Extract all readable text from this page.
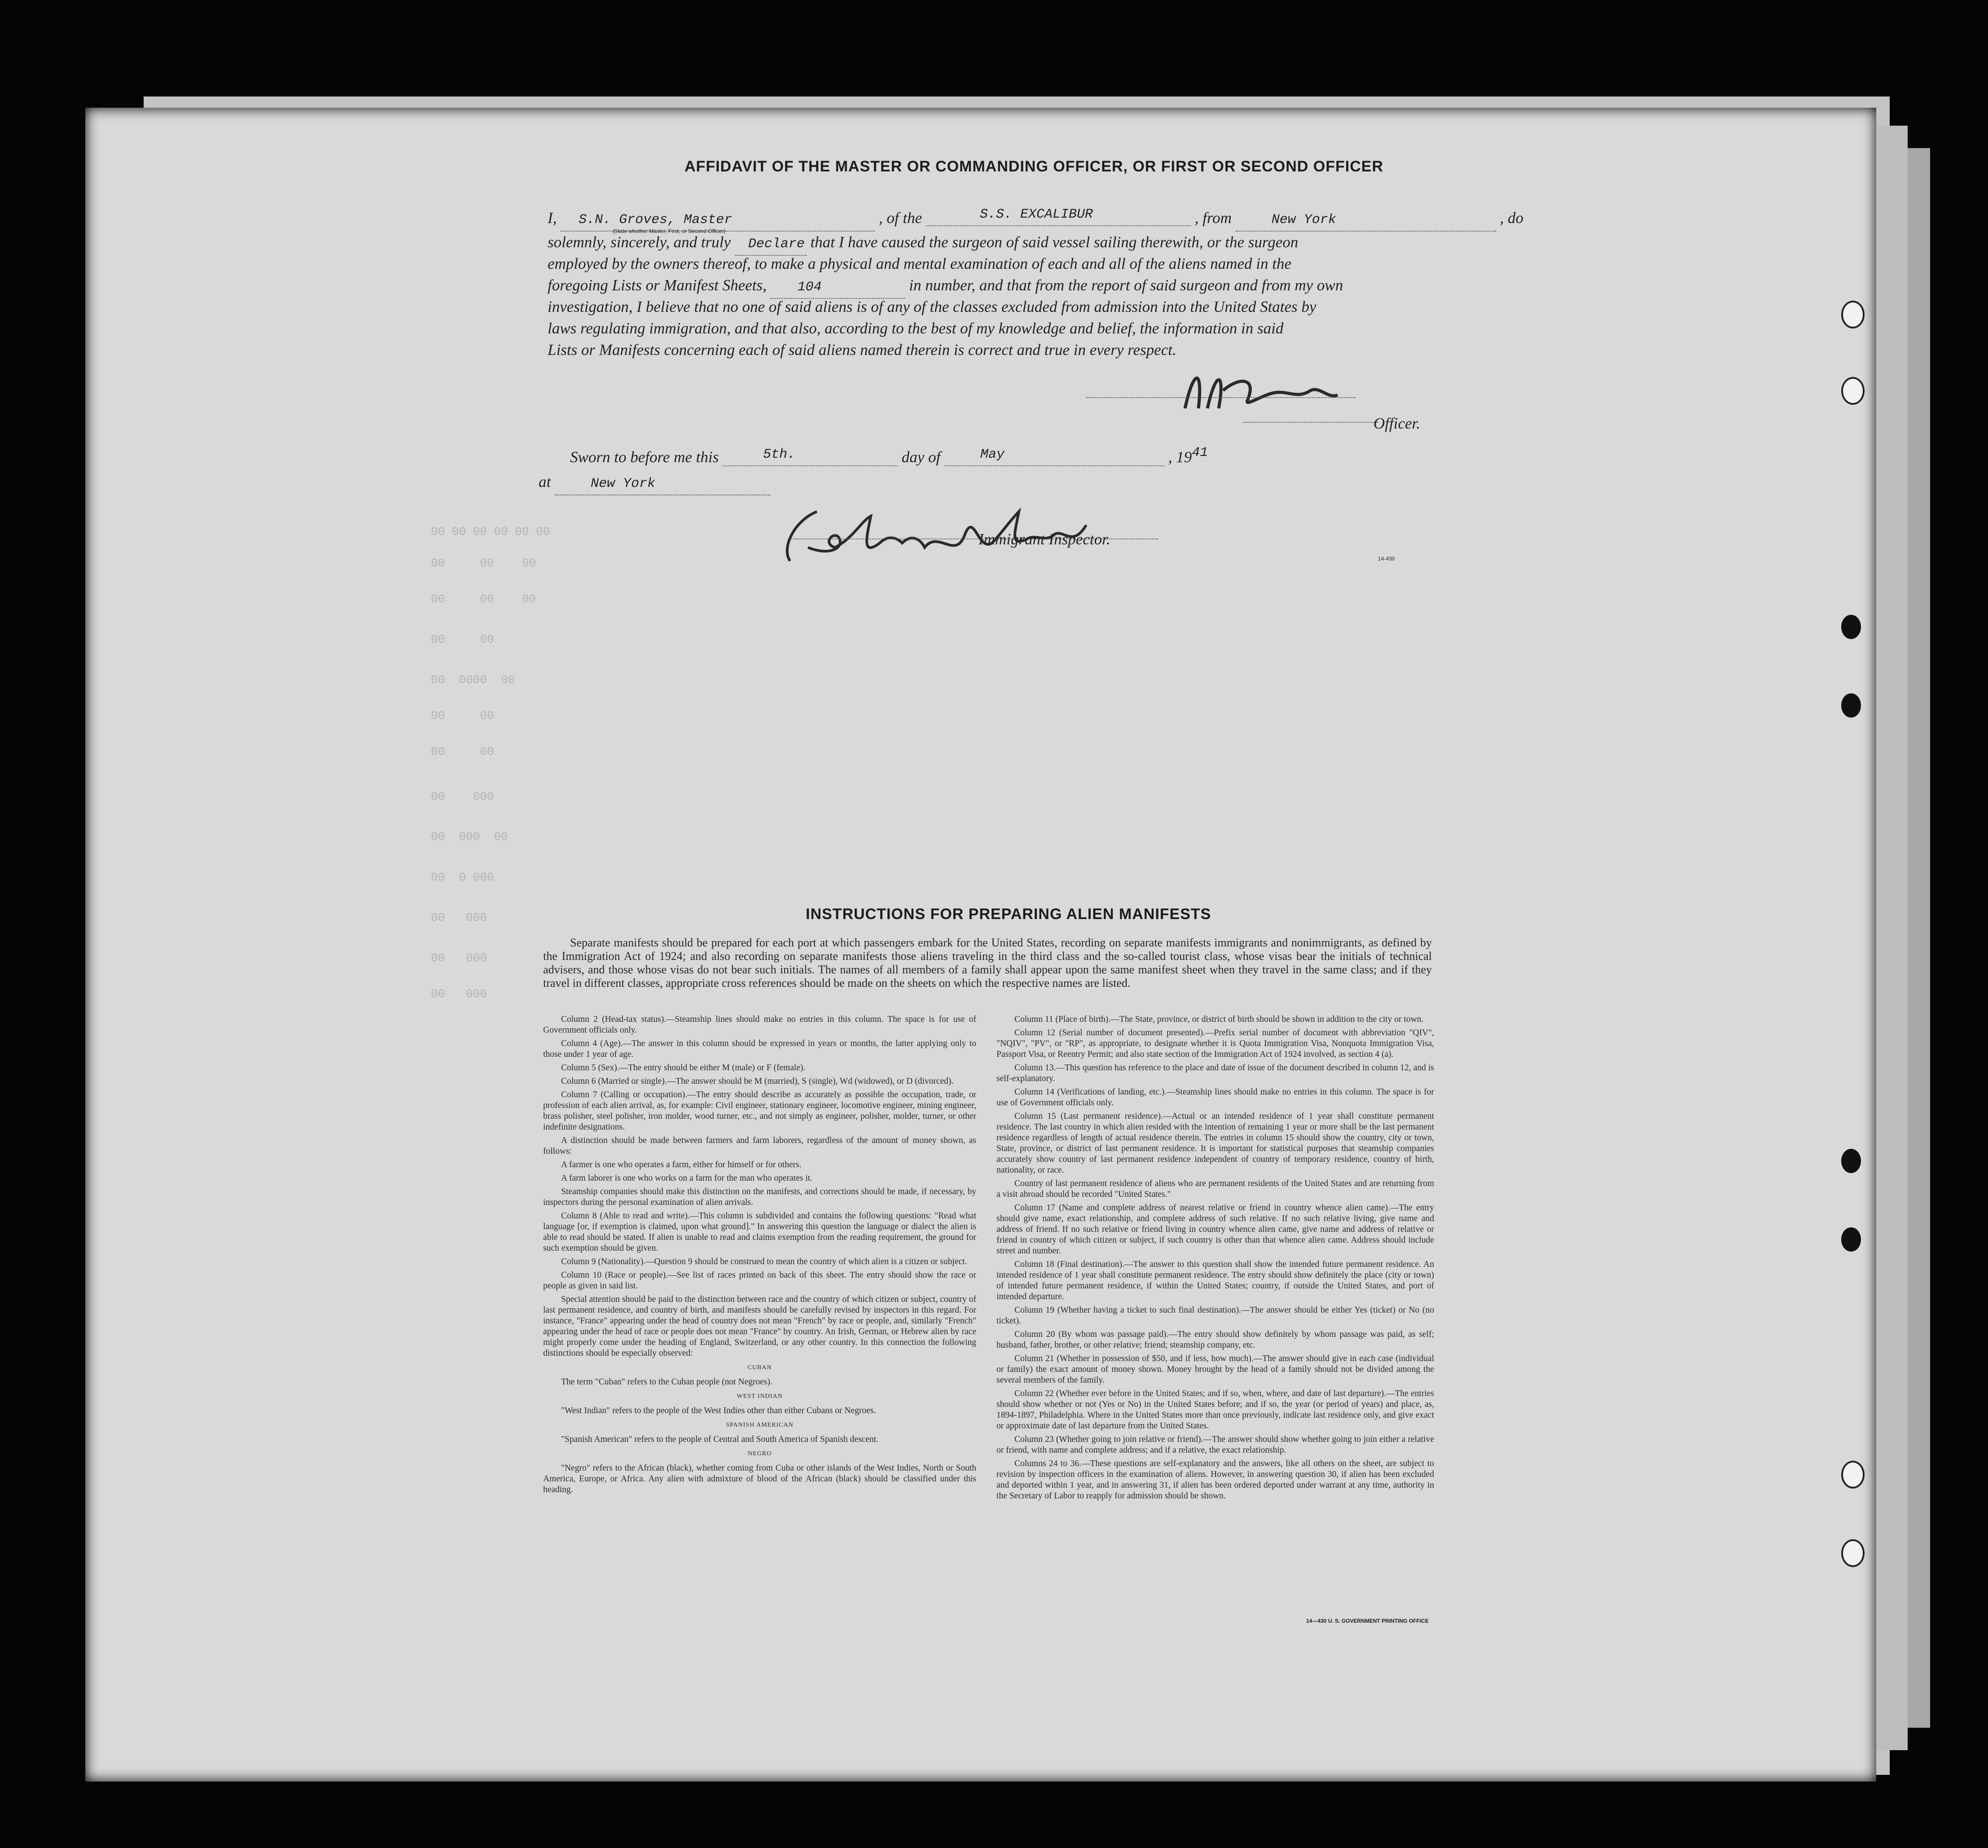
00 00 00 00 00 00
00     00    00
00     00    00
00     00
00  0000  00
00     00
00     00
00    000
00  000  00
00  0 000
00   000
00   000
00   000
AFFIDAVIT OF THE MASTER OR COMMANDING OFFICER, OR FIRST OR SECOND OFFICER
I, S.N. Groves, Master	, of the	S.S. EXCALIBUR	, from	New York	, do
(State whether Master, First, or Second Officer)
solemnly, sincerely, and truly Declare that I have caused the surgeon of said vessel sailing therewith, or the surgeon
employed by the owners thereof, to make a physical and mental examination of each and all of the aliens named in the
foregoing Lists or Manifest Sheets, 104	in number, and that from the report of said surgeon and from my own
investigation, I believe that no one of said aliens is of any of the classes excluded from admission into the United States by
laws regulating immigration, and that also, according to the best of my knowledge and belief, the information in said
Lists or Manifests concerning each of said aliens named therein is correct and true in every respect.
Officer.
Sworn to before me this	5th.	day of	May	, 1941
at	New York
Immigrant Inspector.
14-430
INSTRUCTIONS FOR PREPARING ALIEN MANIFESTS
Separate manifests should be prepared for each port at which passengers embark for the United States, recording on separate manifests immigrants and nonimmigrants, as defined by the Immigration Act of 1924; and also recording on separate manifests those aliens traveling in the third class and the so-called tourist class, whose visas bear the initials of technical advisers, and those whose visas do not bear such initials. The names of all members of a family shall appear upon the same manifest sheet when they travel in the same class; and if they travel in different classes, appropriate cross references should be made on the sheets on which the respective names are listed.

Column 2 (Head-tax status).—Steamship lines should make no entries in this column. The space is for use of Government officials only.

Column 4 (Age).—The answer in this column should be expressed in years or months, the latter applying only to those under 1 year of age.

Column 5 (Sex).—The entry should be either M (male) or F (female).

Column 6 (Married or single).—The answer should be M (married), S (single), Wd (widowed), or D (divorced).

Column 7 (Calling or occupation).—The entry should describe as accurately as possible the occupation, trade, or profession of each alien arrival, as, for example: Civil engineer, stationary engineer, locomotive engineer, mining engineer, brass polisher, steel polisher, iron molder, wood turner, etc., and not simply as engineer, polisher, molder, turner, or other indefinite designations.

A distinction should be made between farmers and farm laborers, regardless of the amount of money shown, as follows:

A farmer is one who operates a farm, either for himself or for others.

A farm laborer is one who works on a farm for the man who operates it.

Steamship companies should make this distinction on the manifests, and corrections should be made, if necessary, by inspectors during the personal examination of alien arrivals.

Column 8 (Able to read and write).—This column is subdivided and contains the following questions: "Read what language [or, if exemption is claimed, upon what ground]." In answering this question the language or dialect the alien is able to read should be stated. If alien is unable to read and claims exemption from the reading requirement, the ground for such exemption should be given.

Column 9 (Nationality).—Question 9 should be construed to mean the country of which alien is a citizen or subject.

Column 10 (Race or people).—See list of races printed on back of this sheet. The entry should show the race or people as given in said list.

Special attention should be paid to the distinction between race and the country of which citizen or subject, country of last permanent residence, and country of birth, and manifests should be carefully revised by inspectors in this regard. For instance, "France" appearing under the head of country does not mean "French" by race or people, and, similarly "French" appearing under the head of race or people does not mean "France" by country. An Irish, German, or Hebrew alien by race might properly come under the heading of England, Switzerland, or any other country. In this connection the following distinctions should be especially observed:

CUBAN

The term "Cuban" refers to the Cuban people (not Negroes).

WEST INDIAN

"West Indian" refers to the people of the West Indies other than either Cubans or Negroes.

SPANISH AMERICAN

"Spanish American" refers to the people of Central and South America of Spanish descent.

NEGRO

"Negro" refers to the African (black), whether coming from Cuba or other islands of the West Indies, North or South America, Europe, or Africa. Any alien with admixture of blood of the African (black) should be classified under this heading.

Column 11 (Place of birth).—The State, province, or district of birth should be shown in addition to the city or town.

Column 12 (Serial number of document presented).—Prefix serial number of document with abbreviation "QIV", "NQIV", "PV", or "RP", as appropriate, to designate whether it is Quota Immigration Visa, Nonquota Immigration Visa, Passport Visa, or Reentry Permit; and also state section of the Immigration Act of 1924 involved, as section 4 (a).

Column 13.—This question has reference to the place and date of issue of the document described in column 12, and is self-explanatory.

Column 14 (Verifications of landing, etc.).—Steamship lines should make no entries in this column. The space is for use of Government officials only.

Column 15 (Last permanent residence).—Actual or an intended residence of 1 year shall constitute permanent residence. The last country in which alien resided with the intention of remaining 1 year or more shall be the last permanent residence regardless of length of actual residence therein. The entries in column 15 should show the country, city or town, State, province, or district of last permanent residence. It is important for statistical purposes that steamship companies accurately show country of last permanent residence independent of country of temporary residence, country of birth, nationality, or race.

Country of last permanent residence of aliens who are permanent residents of the United States and are returning from a visit abroad should be recorded "United States."

Column 17 (Name and complete address of nearest relative or friend in country whence alien came).—The entry should give name, exact relationship, and complete address of such relative. If no such relative living, give name and address of friend. If no such relative or friend living in country whence alien came, give name and address of relative or friend in country of which citizen or subject, if such country is other than that whence alien came. Address should include street and number.

Column 18 (Final destination).—The answer to this question shall show the intended future permanent residence. An intended residence of 1 year shall constitute permanent residence. The entry should show definitely the place (city or town) of intended future permanent residence, if within the United States; country, if outside the United States, and port of intended departure.

Column 19 (Whether having a ticket to such final destination).—The answer should be either Yes (ticket) or No (no ticket).

Column 20 (By whom was passage paid).—The entry should show definitely by whom passage was paid, as self; husband, father, brother, or other relative; friend; steamship company, etc.

Column 21 (Whether in possession of $50, and if less, how much).—The answer should give in each case (individual or family) the exact amount of money shown. Money brought by the head of a family should not be divided among the several members of the family.

Column 22 (Whether ever before in the United States; and if so, when, where, and date of last departure).—The entries should show whether or not (Yes or No) in the United States before; and if so, the year (or period of years) and place, as, 1894-1897, Philadelphia. Where in the United States more than once previously, indicate last residence only, and give exact or approximate date of last departure from the United States.

Column 23 (Whether going to join relative or friend).—The answer should show whether going to join either a relative or friend, with name and complete address; and if a relative, the exact relationship.

Columns 24 to 36.—These questions are self-explanatory and the answers, like all others on the sheet, are subject to revision by inspection officers in the examination of aliens. However, in answering question 30, if alien has been excluded and deported within 1 year, and in answering 31, if alien has been ordered deported under warrant at any time, authority in the Secretary of Labor to reapply for admission should be shown.

14—430 U. S. GOVERNMENT PRINTING OFFICE
